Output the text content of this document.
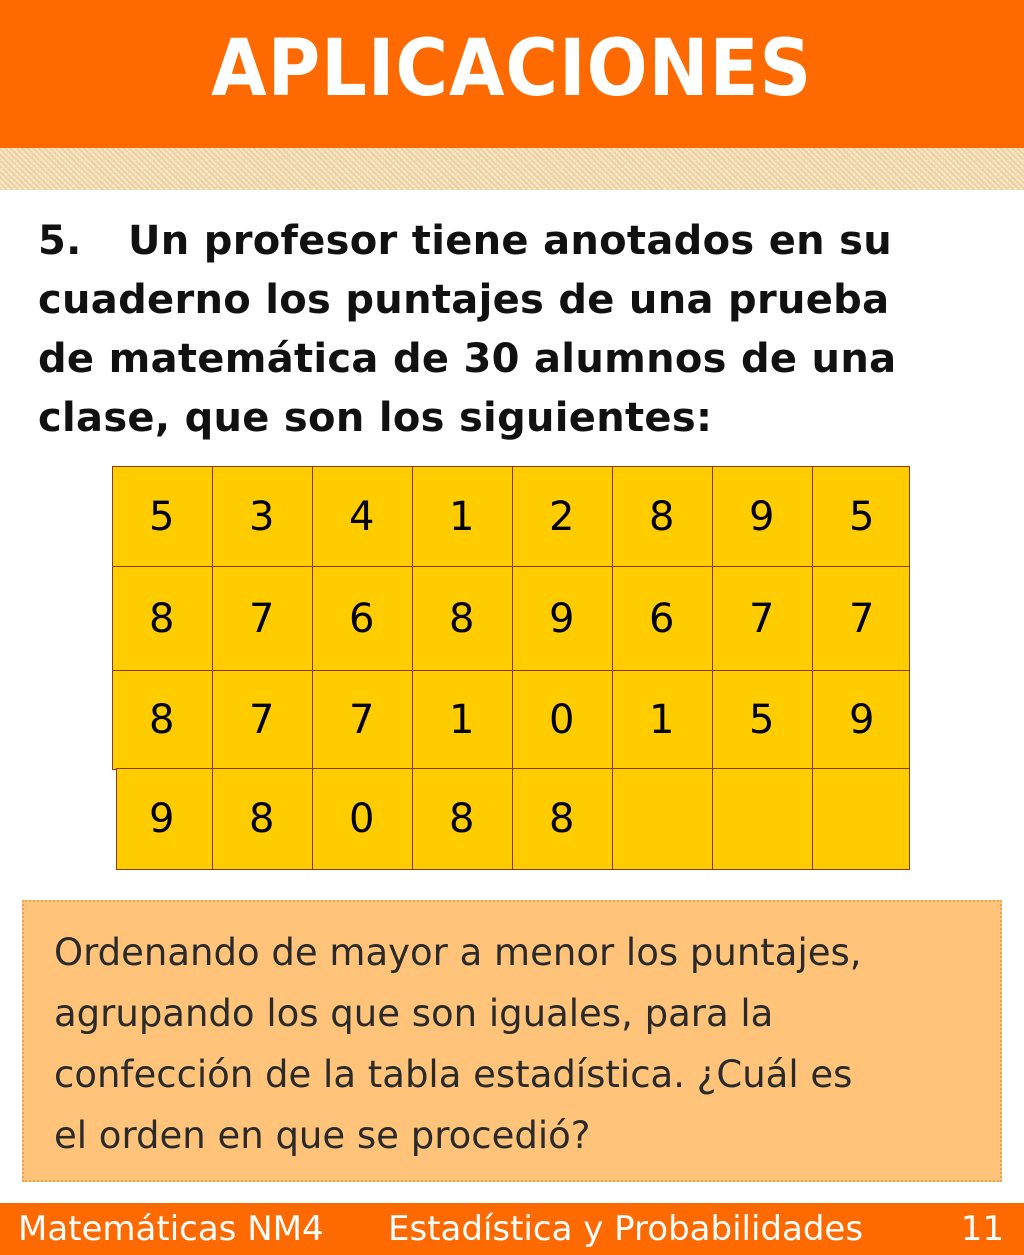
APLICACIONES
5. Un profesor tiene anotados en su
cuaderno los puntajes de una prueba
de matemática de 30 alumnos de una
clase, que son los siguientes:
5	3	4	1	2	8	9	5
8	7	6	8	9	6	7	7
8	7	7	1	0	1	5	9
9	8	0	8	8
Ordenando de mayor a menor los puntajes,
agrupando los que son iguales, para la
confección de la tabla estadística. ¿Cuál es
el orden en que se procedió?
Matemáticas NM4 Estadística y Probabilidades	11
